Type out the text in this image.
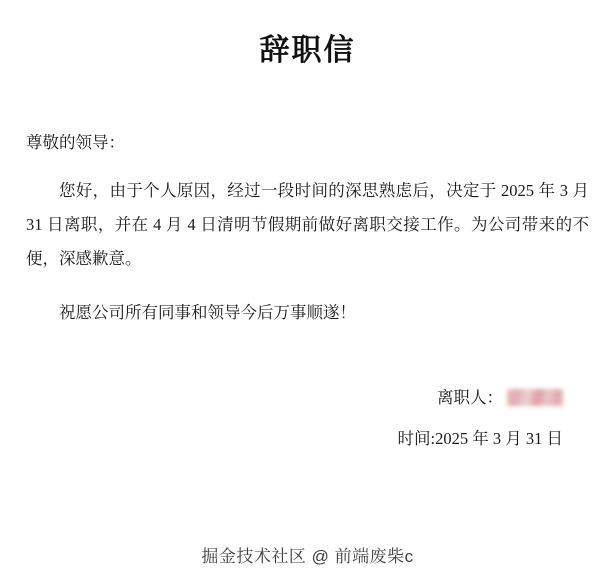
辞职信
尊敬的领导：

您好，由于个人原因，经过一段时间的深思熟虑后，决定于 2025 年 3 月 31 日离职，并在 4 月 4 日清明节假期前做好离职交接工作。为公司带来的不便，深感歉意。

祝愿公司所有同事和领导今后万事顺遂！

离职人：
时间:2025 年 3 月 31 日
掘金技术社区 @ 前端废柴c
